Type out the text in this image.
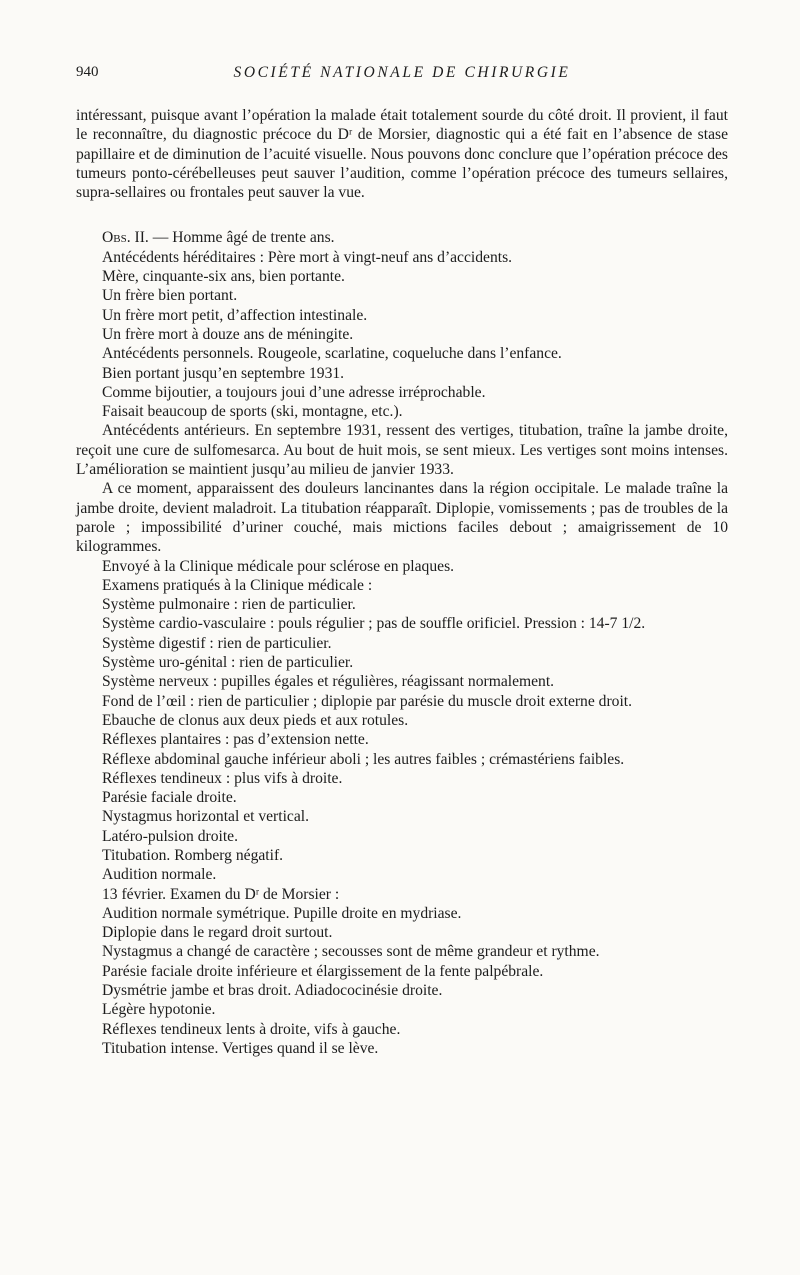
940	SOCIÉTÉ NATIONALE DE CHIRURGIE

intéressant, puisque avant l’opération la malade était totalement sourde du côté droit. Il provient, il faut le reconnaître, du diagnostic précoce du Dʳ de Morsier, diagnostic qui a été fait en l’absence de stase papillaire et de diminution de l’acuité visuelle. Nous pouvons donc conclure que l’opération précoce des tumeurs ponto-cérébelleuses peut sauver l’audition, comme l’opération précoce des tumeurs sellaires, supra-sellaires ou frontales peut sauver la vue.

Obs. II. — Homme âgé de trente ans.

Antécédents héréditaires : Père mort à vingt-neuf ans d’accidents.

Mère, cinquante-six ans, bien portante.

Un frère bien portant.

Un frère mort petit, d’affection intestinale.

Un frère mort à douze ans de méningite.

Antécédents personnels. Rougeole, scarlatine, coqueluche dans l’enfance.

Bien portant jusqu’en septembre 1931.

Comme bijoutier, a toujours joui d’une adresse irréprochable.

Faisait beaucoup de sports (ski, montagne, etc.).

Antécédents antérieurs. En septembre 1931, ressent des vertiges, titubation, traîne la jambe droite, reçoit une cure de sulfomesarca. Au bout de huit mois, se sent mieux. Les vertiges sont moins intenses. L’amélioration se maintient jusqu’au milieu de janvier 1933.

A ce moment, apparaissent des douleurs lancinantes dans la région occipitale. Le malade traîne la jambe droite, devient maladroit. La titubation réapparaît. Diplopie, vomissements ; pas de troubles de la parole ; impossibilité d’uriner couché, mais mictions faciles debout ; amaigrissement de 10 kilogrammes.

Envoyé à la Clinique médicale pour sclérose en plaques.

Examens pratiqués à la Clinique médicale :

Système pulmonaire : rien de particulier.

Système cardio-vasculaire : pouls régulier ; pas de souffle orificiel. Pression : 14-7 1/2.

Système digestif : rien de particulier.

Système uro-génital : rien de particulier.

Système nerveux : pupilles égales et régulières, réagissant normalement.

Fond de l’œil : rien de particulier ; diplopie par parésie du muscle droit externe droit.

Ebauche de clonus aux deux pieds et aux rotules.

Réflexes plantaires : pas d’extension nette.

Réflexe abdominal gauche inférieur aboli ; les autres faibles ; crémastériens faibles.

Réflexes tendineux : plus vifs à droite.

Parésie faciale droite.

Nystagmus horizontal et vertical.

Latéro-pulsion droite.

Titubation. Romberg négatif.

Audition normale.

13 février. Examen du Dʳ de Morsier :

Audition normale symétrique. Pupille droite en mydriase.

Diplopie dans le regard droit surtout.

Nystagmus a changé de caractère ; secousses sont de même grandeur et rythme.

Parésie faciale droite inférieure et élargissement de la fente palpébrale.

Dysmétrie jambe et bras droit. Adiadococinésie droite.

Légère hypotonie.

Réflexes tendineux lents à droite, vifs à gauche.

Titubation intense. Vertiges quand il se lève.
